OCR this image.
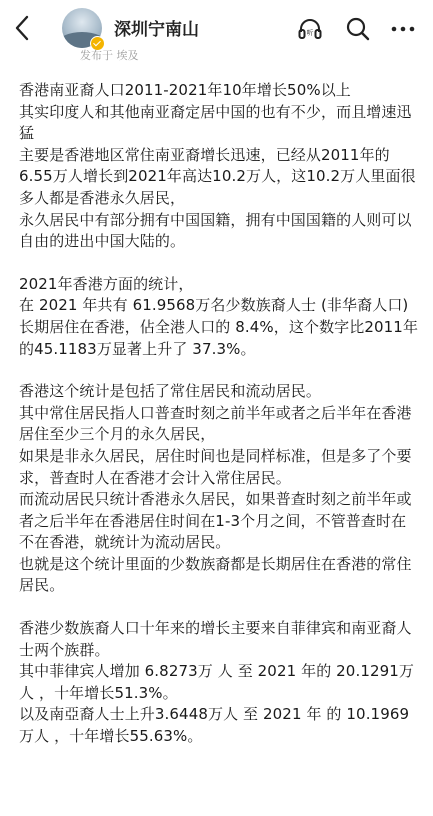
深圳宁南山
发布于 埃及
听

香港南亚裔人口2011-2021年10年增长50%以上

其实印度人和其他南亚裔定居中国的也有不少，而且增速迅猛

主要是香港地区常住南亚裔增长迅速，已经从2011年的6.55万人增长到2021年高达10.2万人，这10.2万人里面很多人都是香港永久居民，

永久居民中有部分拥有中国国籍，拥有中国国籍的人则可以自由的进出中国大陆的。

2021年香港方面的统计，

在 2021 年共有 61.9568万名少数族裔人士 (非华裔人口) 长期居住在香港，佔全港人口的 8.4%，这个数字比2011年 的45.1183万显著上升了 37.3%。

香港这个统计是包括了常住居民和流动居民。

其中常住居民指人口普查时刻之前半年或者之后半年在香港居住至少三个月的永久居民，

如果是非永久居民，居住时间也是同样标准，但是多了个要求，普查时人在香港才会计入常住居民。

而流动居民只统计香港永久居民，如果普查时刻之前半年或者之后半年在香港居住时间在1-3个月之间，不管普查时在不在香港，就统计为流动居民。

也就是这个统计里面的少数族裔都是长期居住在香港的常住居民。

香港少数族裔人口十年来的增长主要来自菲律宾和南亚裔人士两个族群。

其中菲律宾人增加 6.8273万 人 至 2021 年的 20.1291万人 ，十年增长51.3%。

以及南亞裔人士上升3.6448万人 至 2021 年 的 10.1969万人 ，十年增长55.63%。
